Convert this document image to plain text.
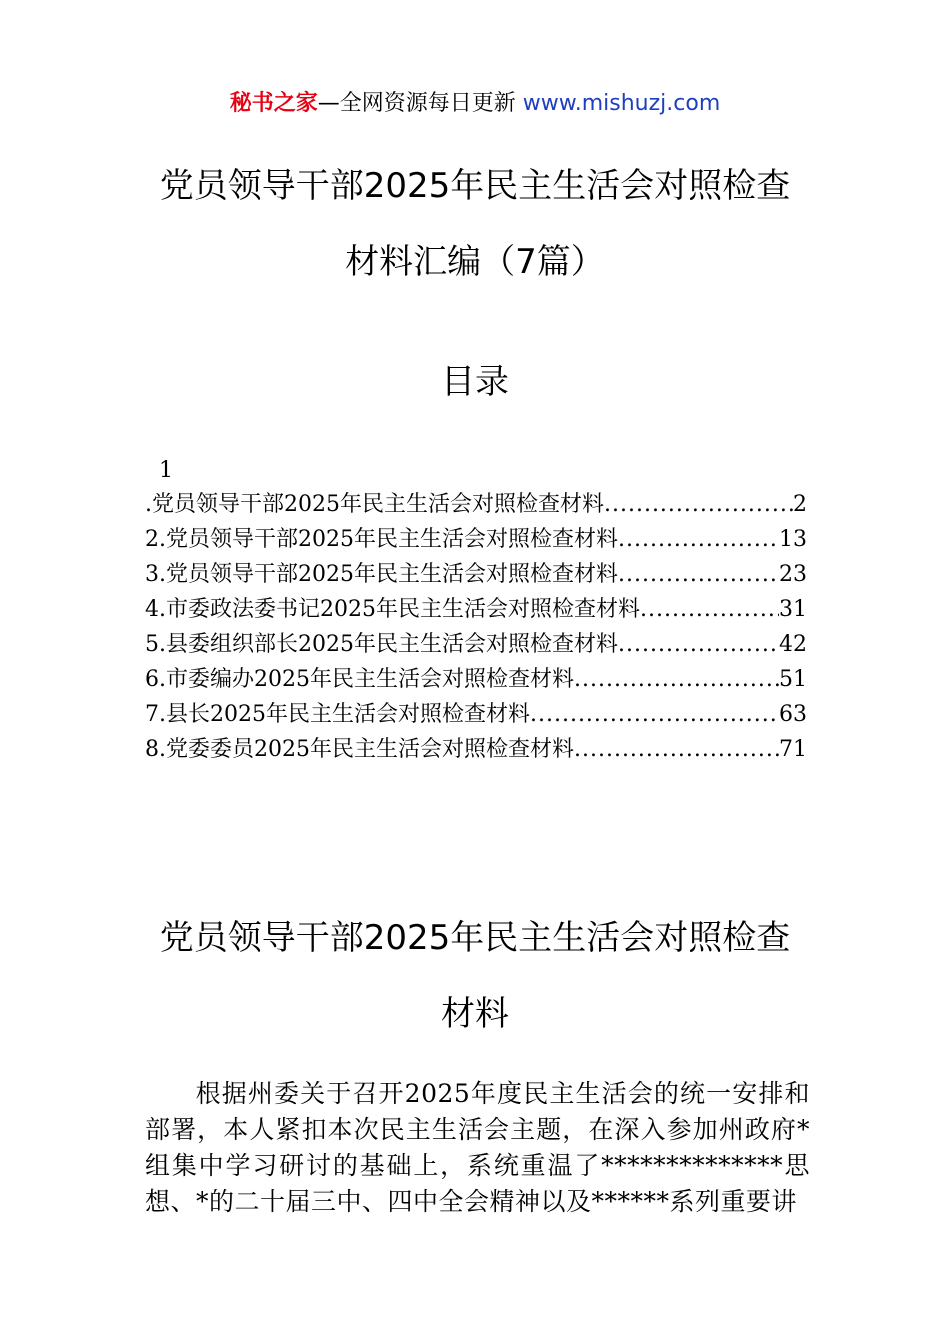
秘书之家—全网资源每日更新 www.mishuzj.com
党员领导干部2025年民主生活会对照检查
材料汇编（7篇）
目录
1
.党员领导干部2025年民主生活会对照检查材料 .....	2
2.党员领导干部2025年民主生活会对照检查材料 .....	13
3.党员领导干部2025年民主生活会对照检查材料 .....	23
4.市委政法委书记2025年民主生活会对照检查材料 .....	31
5.县委组织部长2025年民主生活会对照检查材料 .....	42
6.市委编办2025年民主生活会对照检查材料 .....	51
7.县长2025年民主生活会对照检查材料 .....	63
8.党委委员2025年民主生活会对照检查材料 .....	71
党员领导干部2025年民主生活会对照检查
材料
根据州委关于召开2025年度民主生活会的统一安排和部署，本人紧扣本次民主生活会主题，在深入参加州政府*组集中学习研讨的基础上，系统重温了**************思想、*的二十届三中、四中全会精神以及******系列重要讲
